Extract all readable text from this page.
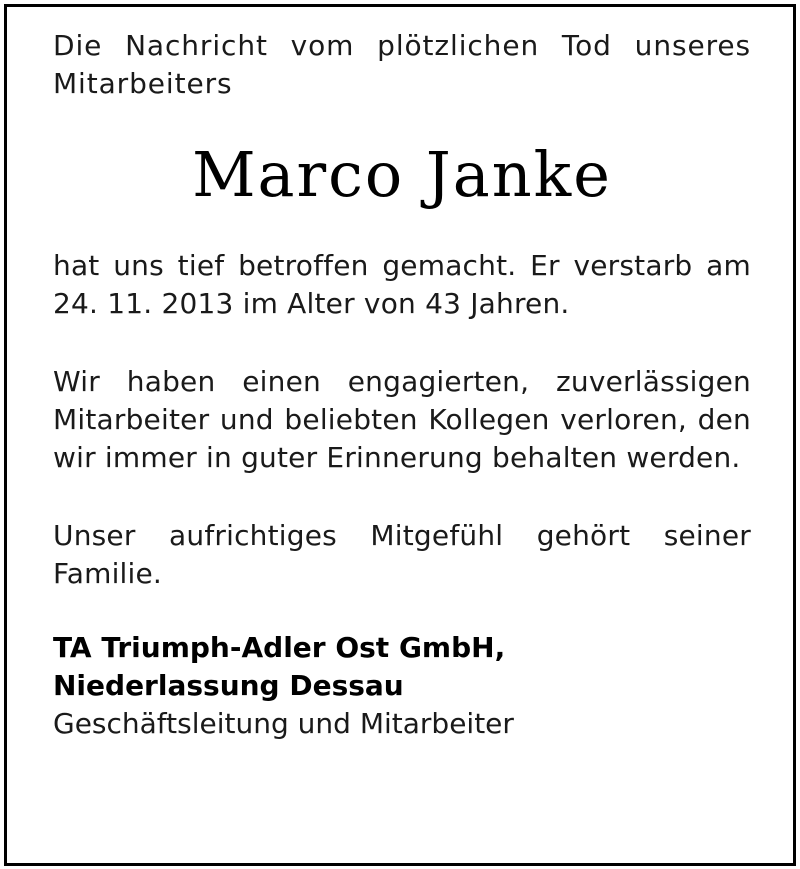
Die Nachricht vom plötzlichen Tod unseres Mitarbeiters

Marco Janke

hat uns tief betroffen gemacht. Er verstarb am 24. 11. 2013 im Alter von 43 Jahren.

Wir haben einen engagierten, zuverlässigen Mitarbeiter und beliebten Kollegen verloren, den wir immer in guter Erinnerung behalten werden.

Unser aufrichtiges Mitgefühl gehört seiner Familie.

TA Triumph-Adler Ost GmbH,
Niederlassung Dessau
Geschäftsleitung und Mitarbeiter
